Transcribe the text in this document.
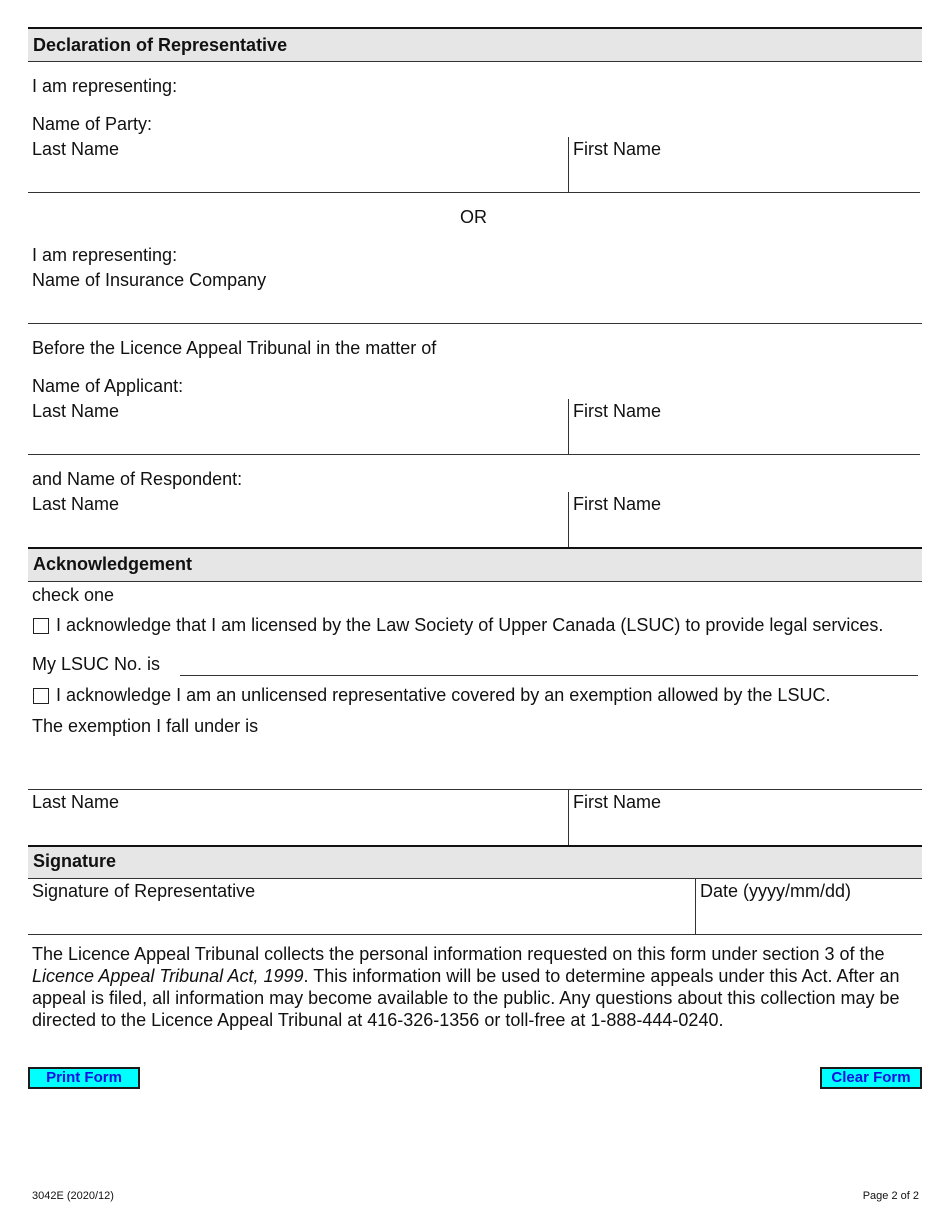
Declaration of Representative
I am representing:
Name of Party:
Last Name	First Name
OR
I am representing:
Name of Insurance Company
Before the Licence Appeal Tribunal in the matter of
Name of Applicant:
Last Name	First Name
and Name of Respondent:
Last Name	First Name
Acknowledgement
check one
I acknowledge that I am licensed by the Law Society of Upper Canada (LSUC) to provide legal services.
My LSUC No. is
I acknowledge I am an unlicensed representative covered by an exemption allowed by the LSUC.
The exemption I fall under is
Last Name	First Name
Signature
Signature of Representative	Date (yyyy/mm/dd)
The Licence Appeal Tribunal collects the personal information requested on this form under section 3 of the Licence Appeal Tribunal Act, 1999. This information will be used to determine appeals under this Act. After an appeal is filed, all information may become available to the public. Any questions about this collection may be directed to the Licence Appeal Tribunal at 416-326-1356 or toll-free at 1-888-444-0240.
Print Form	Clear Form
3042E (2020/12)	Page 2 of 2
